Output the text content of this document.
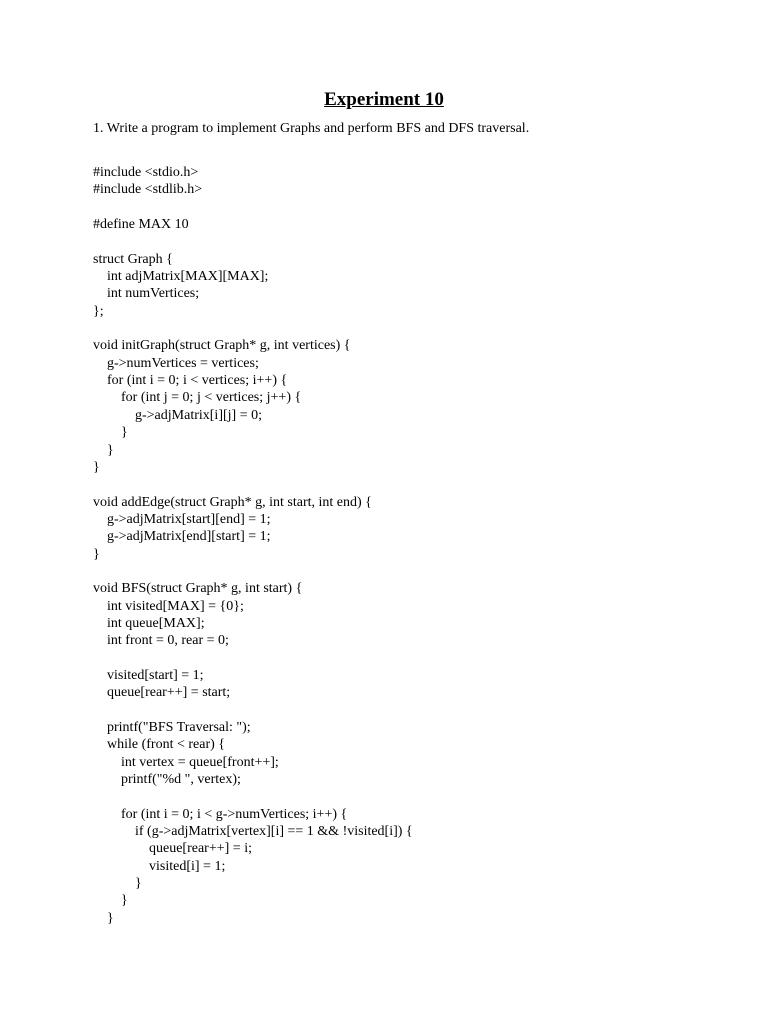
Experiment 10
1. Write a program to implement Graphs and perform BFS and DFS traversal.
#include <stdio.h>
#include <stdlib.h>
#define MAX 10
struct Graph {
int adjMatrix[MAX][MAX];
int numVertices;
};
void initGraph(struct Graph* g, int vertices) {
g->numVertices = vertices;
for (int i = 0; i < vertices; i++) {
for (int j = 0; j < vertices; j++) {
g->adjMatrix[i][j] = 0;
}
}
}
void addEdge(struct Graph* g, int start, int end) {
g->adjMatrix[start][end] = 1;
g->adjMatrix[end][start] = 1;
}
void BFS(struct Graph* g, int start) {
int visited[MAX] = {0};
int queue[MAX];
int front = 0, rear = 0;
visited[start] = 1;
queue[rear++] = start;
printf("BFS Traversal: ");
while (front < rear) {
int vertex = queue[front++];
printf("%d ", vertex);
for (int i = 0; i < g->numVertices; i++) {
if (g->adjMatrix[vertex][i] == 1 && !visited[i]) {
queue[rear++] = i;
visited[i] = 1;
}
}
}
